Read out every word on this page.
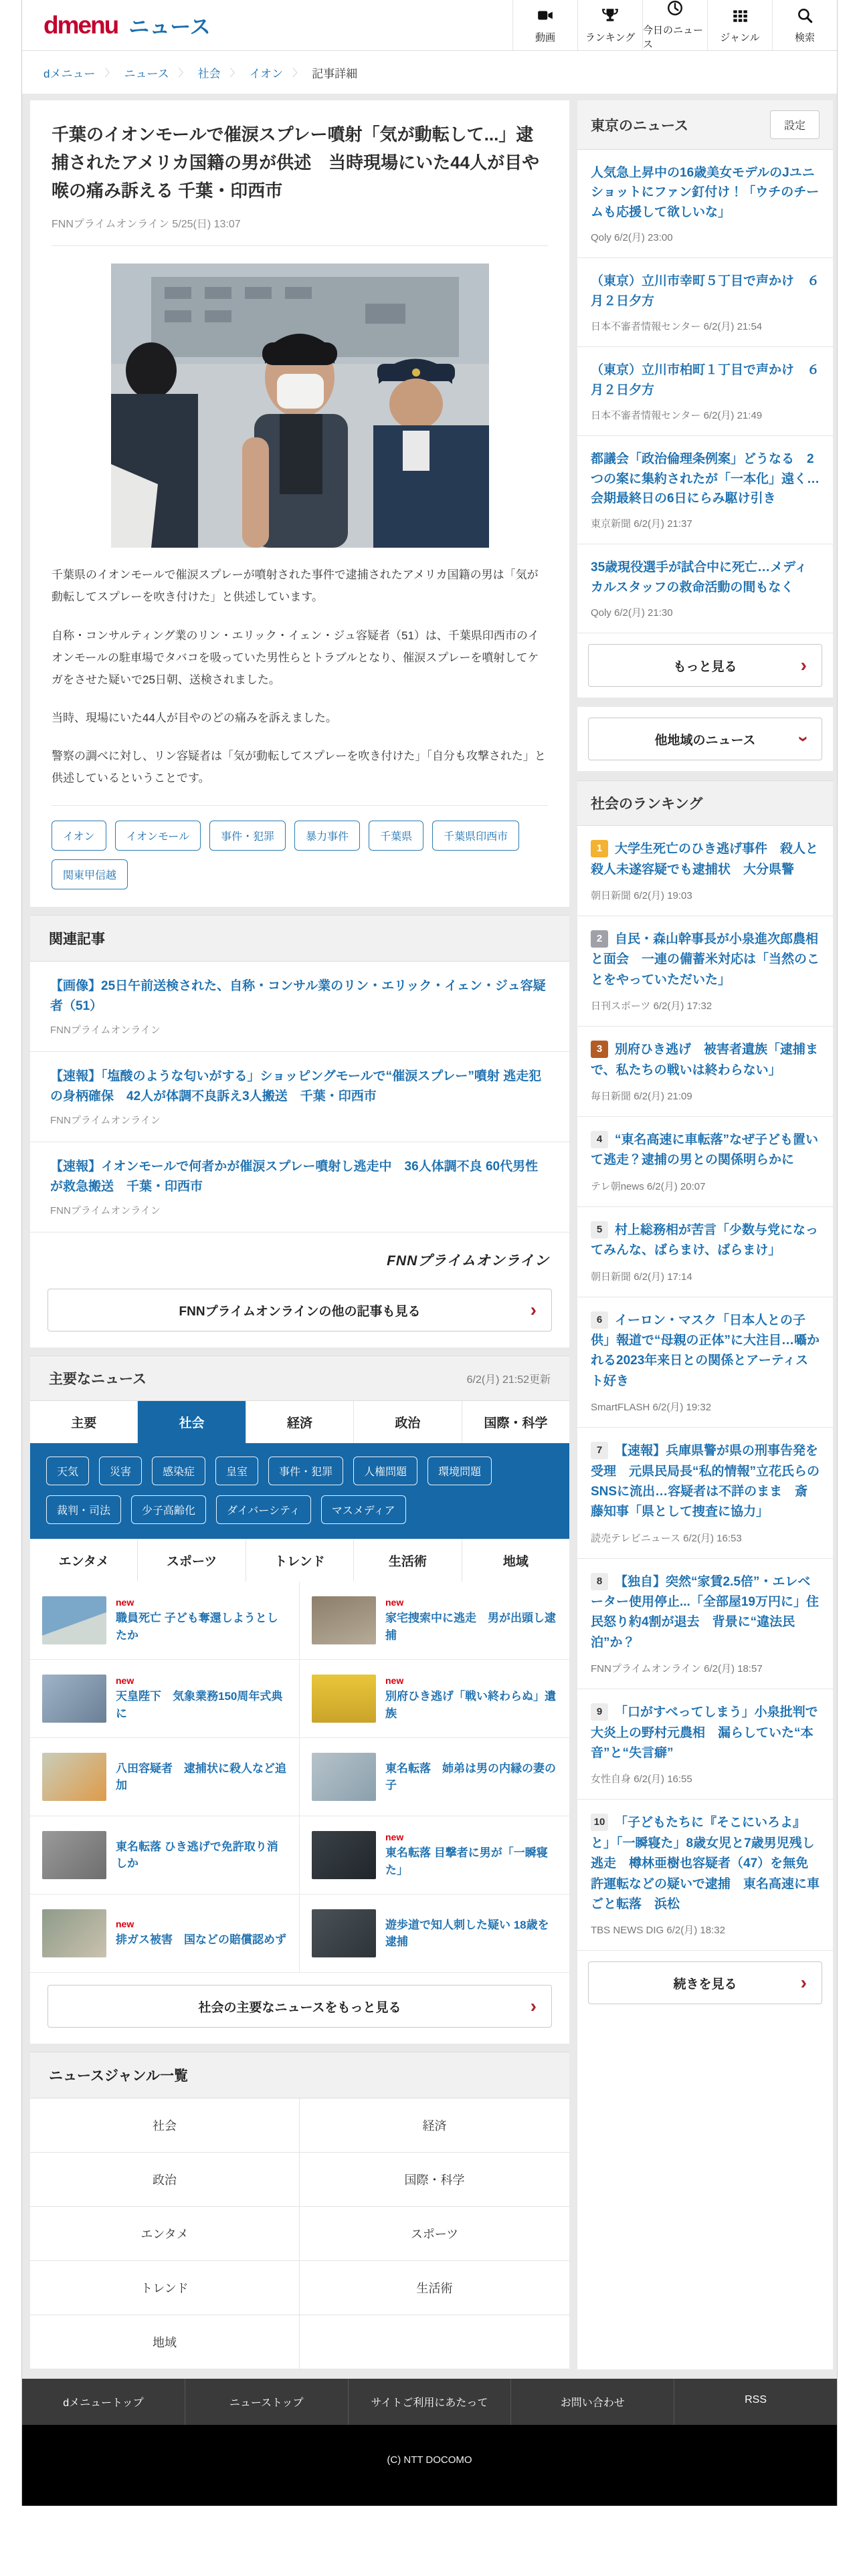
dmenu ニュース	動画	ランキング
今日のニュース
ジャンル	検索
dメニュー 〉 ニュース 〉 社会 〉 イオン 〉 記事詳細
千葉のイオンモールで催涙スプレー噴射「気が動転して...」逮捕されたアメリカ国籍の男が供述　当時現場にいた44人が目や喉の痛み訴える 千葉・印西市
FNNプライムオンライン 5/25(日) 13:07

千葉県のイオンモールで催涙スプレーが噴射された事件で逮捕されたアメリカ国籍の男は「気が動転してスプレーを吹き付けた」と供述しています。

自称・コンサルティング業のリン・エリック・イェン・ジュ容疑者（51）は、千葉県印西市のイオンモールの駐車場でタバコを吸っていた男性らとトラブルとなり、催涙スプレーを噴射してケガをさせた疑いで25日朝、送検されました。

当時、現場にいた44人が目やのどの痛みを訴えました。

警察の調べに対し、リン容疑者は「気が動転してスプレーを吹き付けた」「自分も攻撃された」と供述しているということです。

イオン	イオンモール	事件・犯罪	暴力事件	千葉県	千葉県印西市
関東甲信越
関連記事
【画像】25日午前送検された、自称・コンサル業のリン・エリック・イェン・ジュ容疑者（51）
FNNプライムオンライン
【速報】「塩酸のような匂いがする」ショッピングモールで“催涙スプレー”噴射 逃走犯の身柄確保　42人が体調不良訴え3人搬送　千葉・印西市
FNNプライムオンライン
【速報】イオンモールで何者かが催涙スプレー噴射し逃走中　36人体調不良 60代男性が救急搬送　千葉・印西市
FNNプライムオンライン
FNNプライムオンライン
FNNプライムオンラインの他の記事も見る	›
主要なニュース	6/2(月) 21:52更新
主要	社会	経済	政治	国際・科学
天気	災害	感染症	皇室	事件・犯罪	人権問題	環境問題
裁判・司法	少子高齢化	ダイバーシティ	マスメディア
エンタメ	スポーツ	トレンド	生活術	地域
new
職員死亡 子ども奪還しようとしたか
new
家宅捜索中に逃走　男が出頭し逮捕
new
天皇陛下　気象業務150周年式典に
new
別府ひき逃げ「戦い終わらぬ」遺族
八田容疑者　逮捕状に殺人など追加
東名転落　姉弟は男の内縁の妻の子
東名転落 ひき逃げで免許取り消しか
new
東名転落 目撃者に男が「一瞬寝た」
new
排ガス被害　国などの賠償認めず
遊歩道で知人刺した疑い 18歳を逮捕
社会の主要なニュースをもっと見る	›
ニュースジャンル一覧
社会	経済
政治	国際・科学
エンタメ	スポーツ
トレンド	生活術
地域
東京のニュース	設定
人気急上昇中の16歳美女モデルのJユニショットにファン釘付け！「ウチのチームも応援して欲しいな」
Qoly 6/2(月) 23:00
（東京）立川市幸町５丁目で声かけ　６月２日夕方
日本不審者情報センター 6/2(月) 21:54
（東京）立川市柏町１丁目で声かけ　６月２日夕方
日本不審者情報センター 6/2(月) 21:49
都議会「政治倫理条例案」どうなる　2つの案に集約されたが「一本化」遠く…会期最終日の6日にらみ駆け引き
東京新聞 6/2(月) 21:37
35歳現役選手が試合中に死亡…メディカルスタッフの救命活動の間もなく
Qoly 6/2(月) 21:30
もっと見る	›
他地域のニュース ›
社会のランキング
1 大学生死亡のひき逃げ事件　殺人と殺人未遂容疑でも逮捕状　大分県警
朝日新聞 6/2(月) 19:03
2 自民・森山幹事長が小泉進次郎農相と面会　一連の備蓄米対応は「当然のことをやっていただいた」
日刊スポーツ 6/2(月) 17:32
3 別府ひき逃げ　被害者遺族「逮捕まで、私たちの戦いは終わらない」
毎日新聞 6/2(月) 21:09
4 “東名高速に車転落”なぜ子ども置いて逃走？逮捕の男との関係明らかに
テレ朝news 6/2(月) 20:07
5 村上総務相が苦言「少数与党になってみんな、ばらまけ、ばらまけ」
朝日新聞 6/2(月) 17:14
6 イーロン・マスク「日本人との子供」報道で“母親の正体”に大注目…囁かれる2023年来日との関係とアーティスト好き
SmartFLASH 6/2(月) 19:32
7 【速報】兵庫県警が県の刑事告発を受理　元県民局長“私的情報”立花氏らのSNSに流出…容疑者は不詳のまま　斎藤知事「県として捜査に協力」
読売テレビニュース 6/2(月) 16:53
8 【独自】突然“家賃2.5倍”・エレベーター使用停止...「全部屋19万円に」住民怒り約4割が退去　背景に“違法民泊”か？
FNNプライムオンライン 6/2(月) 18:57
9 「口がすべってしまう」小泉批判で大炎上の野村元農相　漏らしていた“本音”と“失言癖”
女性自身 6/2(月) 16:55
10 「子どもたちに『そこにいろよ』と」「一瞬寝た」8歳女児と7歳男児残し逃走　樽林亜樹也容疑者（47）を無免許運転などの疑いで逮捕　東名高速に車ごと転落　浜松
TBS NEWS DIG 6/2(月) 18:32
続きを見る	›
dメニュートップ	ニューストップ	サイトご利用にあたって	お問い合わせ	RSS
(C) NTT DOCOMO
